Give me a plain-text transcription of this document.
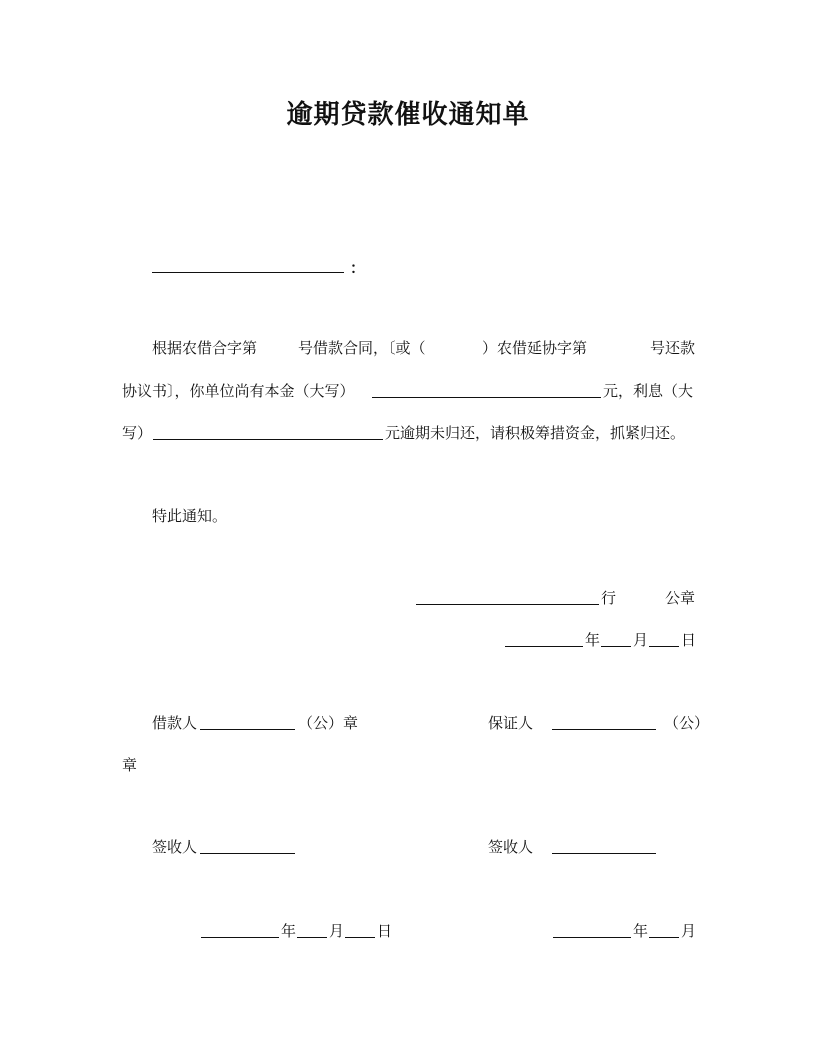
逾期贷款催收通知单
：
根据农借合字第	号借款合同，〔或（	）农借延协字第	号还款
协议书〕，你单位尚有本金（大写）	元，利息（大
写）	元逾期未归还，请积极筹措资金，抓紧归还。
特此通知。
行	公章
年 月 日
借款人	（公）章	保证人	（公）
章
签收人	签收人
年 月 日	年 月
